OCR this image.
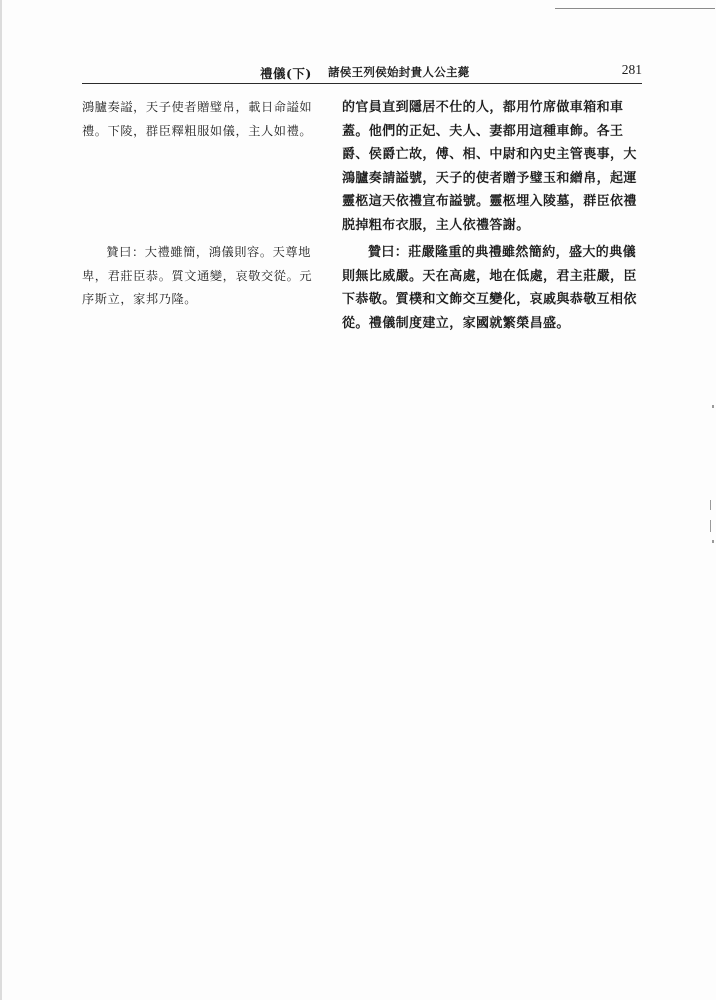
禮儀(下) 諸侯王列侯始封貴人公主薨	281

鴻臚奏謚，天子使者贈璧帛，載日命謚如禮。下陵，群臣釋粗服如儀，主人如禮。

贊曰：大禮雖簡，鴻儀則容。天尊地卑，君莊臣恭。質文通變，哀敬交從。元序斯立，家邦乃隆。

的官員直到隱居不仕的人，都用竹席做車箱和車蓋。他們的正妃、夫人、妻都用這種車飾。各王爵、侯爵亡故，傅、相、中尉和內史主管喪事，大鴻臚奏請謚號，天子的使者贈予璧玉和繒帛，起運靈柩這天依禮宣布謚號。靈柩埋入陵墓，群臣依禮脱掉粗布衣服，主人依禮答謝。

贊曰：莊嚴隆重的典禮雖然簡約，盛大的典儀則無比威嚴。天在高處，地在低處，君主莊嚴，臣下恭敬。質樸和文飾交互變化，哀戚與恭敬互相依從。禮儀制度建立，家國就繁榮昌盛。
